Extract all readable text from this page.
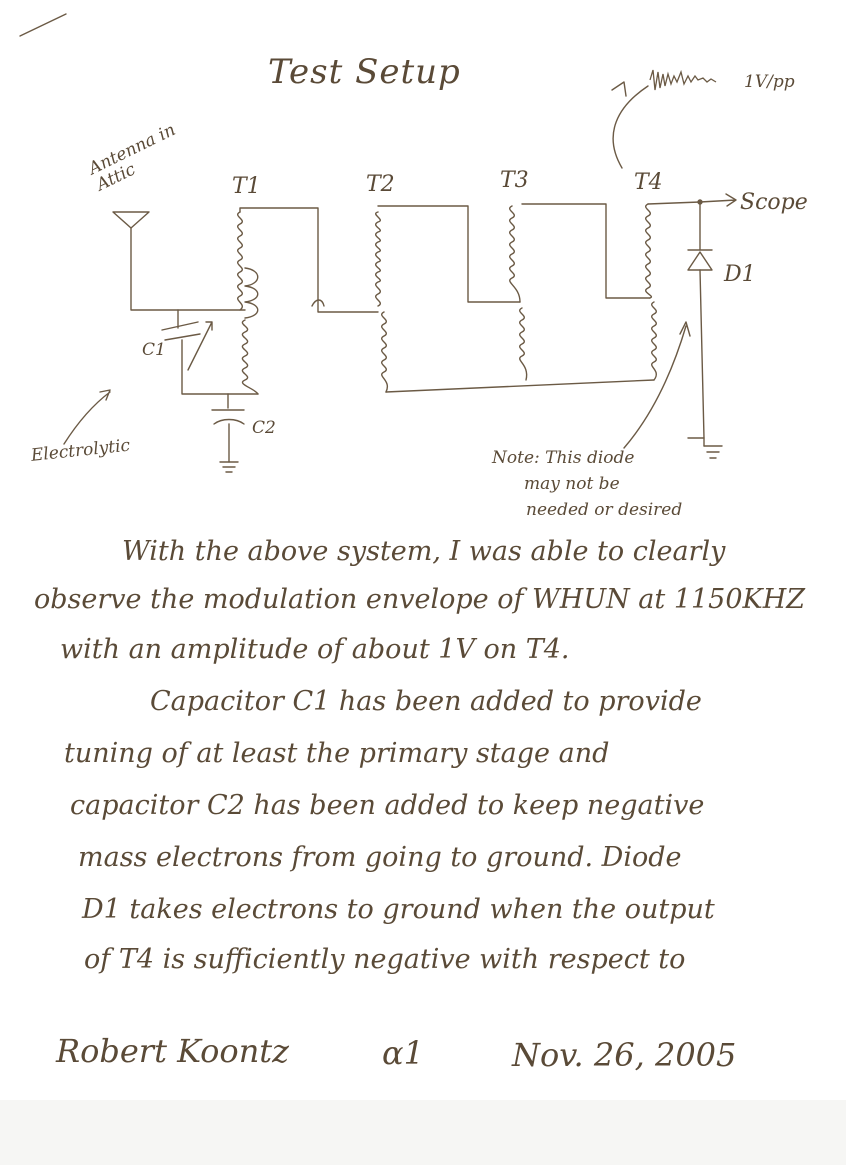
Test Setup	1V/pp
Antenna in Attic	T1	T2	T3	T4
Scope
D1
C1
C2
Electrolytic	Note: This diode
may not be
needed or desired
With the above system, I was able to clearly
observe the modulation envelope of WHUN at 1150KHZ
with an amplitude of about 1V on T4.
Capacitor C1 has been added to provide
tuning of at least the primary stage and
capacitor C2 has been added to keep negative
mass electrons from going to ground. Diode
D1 takes electrons to ground when the output
of T4 is sufficiently negative with respect to
Robert Koontz	α1	Nov. 26, 2005
